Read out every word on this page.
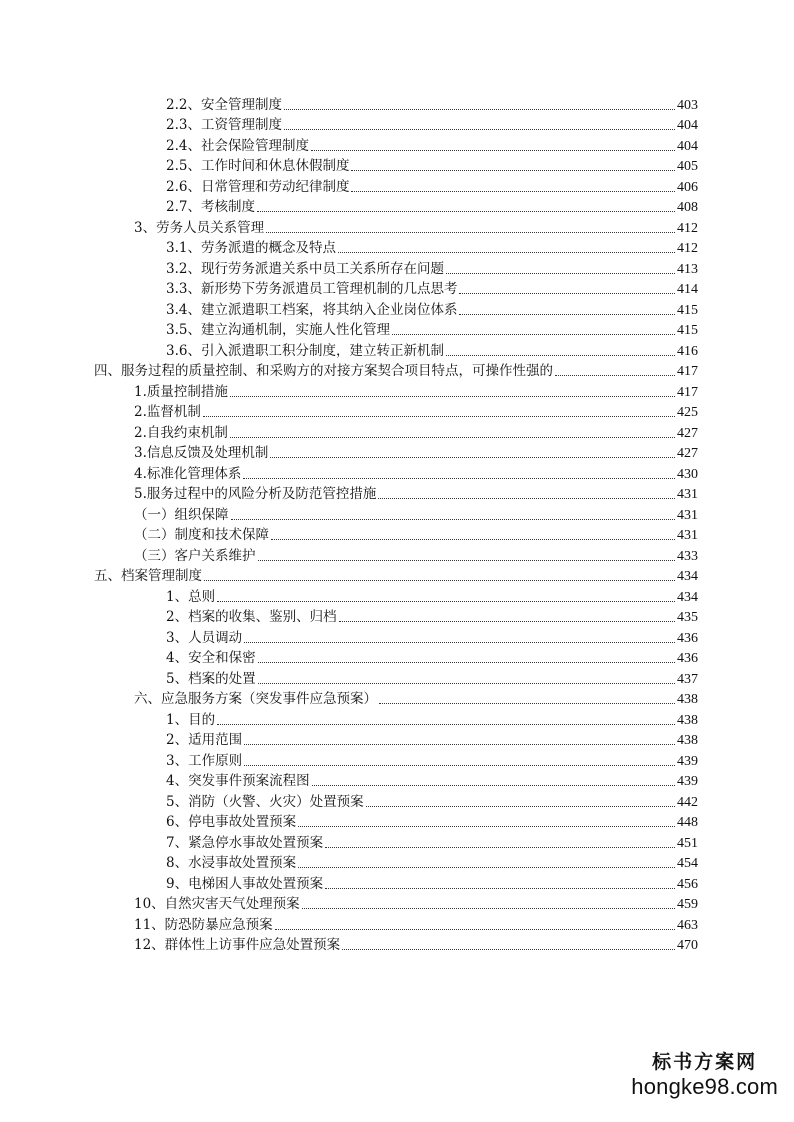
2.2、安全管理制度	403
2.3、工资管理制度	404
2.4、社会保险管理制度	404
2.5、工作时间和休息休假制度	405
2.6、日常管理和劳动纪律制度	406
2.7、考核制度	408
3、劳务人员关系管理	412
3.1、劳务派遣的概念及特点	412
3.2、现行劳务派遣关系中员工关系所存在问题	413
3.3、新形势下劳务派遣员工管理机制的几点思考	414
3.4、建立派遣职工档案，将其纳入企业岗位体系	415
3.5、建立沟通机制，实施人性化管理	415
3.6、引入派遣职工积分制度，建立转正新机制	416
四、服务过程的质量控制、和采购方的对接方案契合项目特点，可操作性强的	417
1.质量控制措施	417
2.监督机制	425
2.自我约束机制	427
3.信息反馈及处理机制	427
4.标准化管理体系	430
5.服务过程中的风险分析及防范管控措施	431
（一）组织保障	431
（二）制度和技术保障	431
（三）客户关系维护	433
五、档案管理制度	434
1、总则	434
2、档案的收集、鉴别、归档	435
3、人员调动	436
4、安全和保密	436
5、档案的处置	437
六、应急服务方案（突发事件应急预案）	438
1、目的	438
2、适用范围	438
3、工作原则	439
4、突发事件预案流程图	439
5、消防（火警、火灾）处置预案	442
6、停电事故处置预案	448
7、紧急停水事故处置预案	451
8、水浸事故处置预案	454
9、电梯困人事故处置预案	456
10、自然灾害天气处理预案	459
11、防恐防暴应急预案	463
12、群体性上访事件应急处置预案	470
标书方案网
hongke98.com
